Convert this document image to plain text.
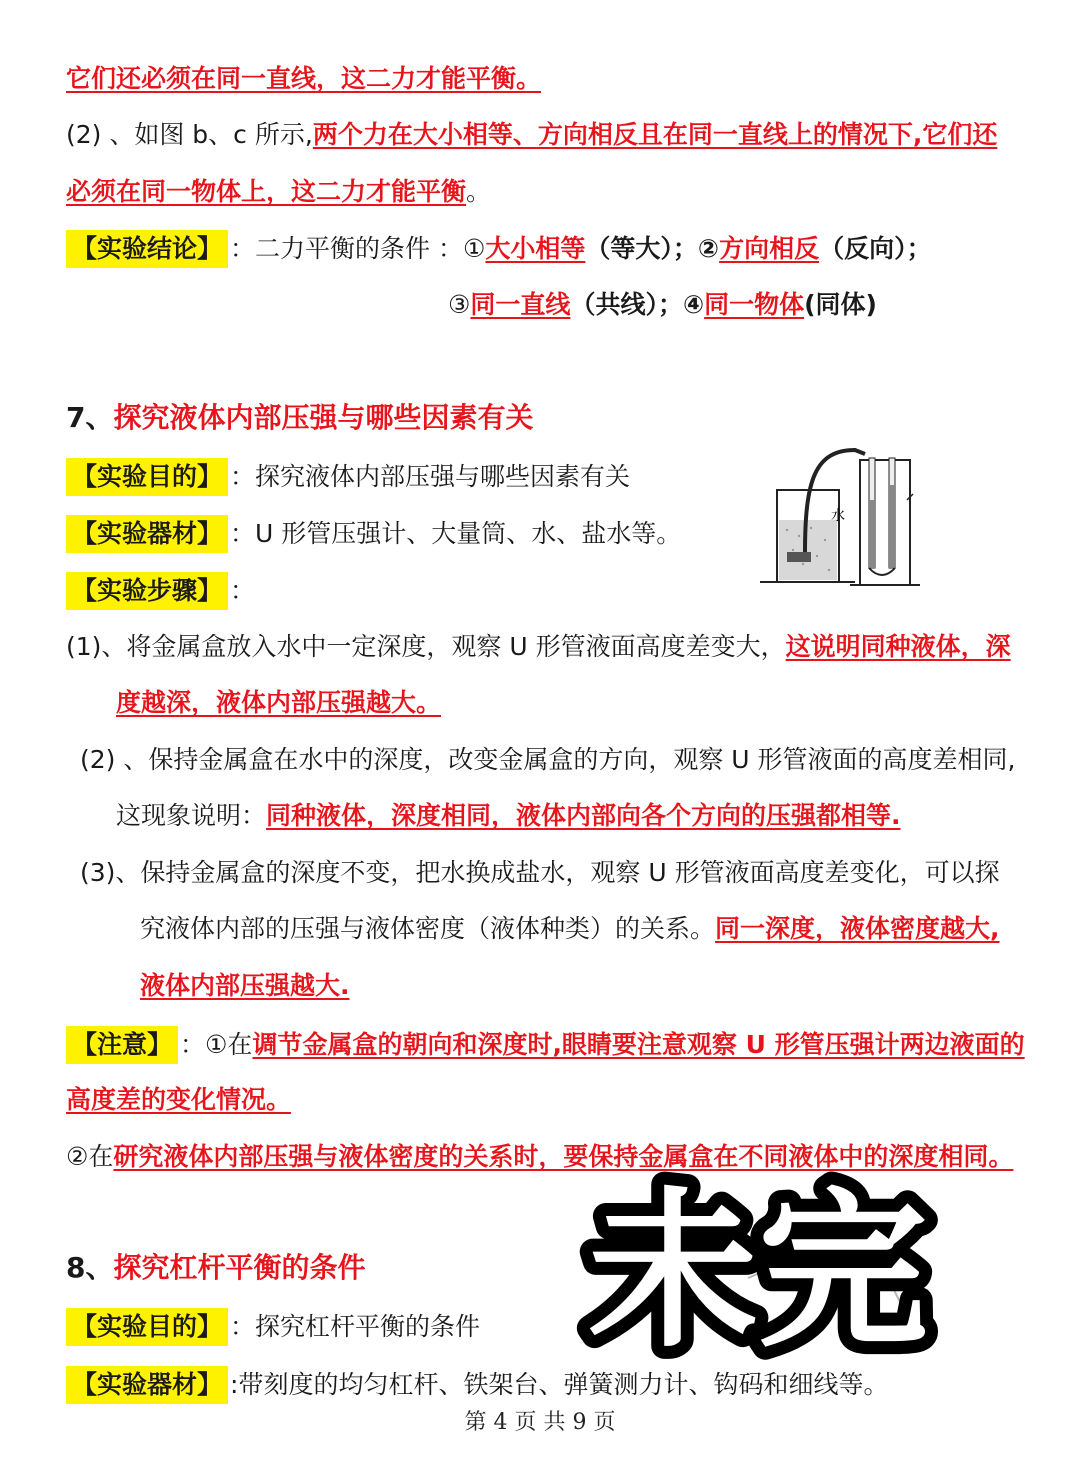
它们还必须在同一直线，这二力才能平衡。
(2) 、如图 b、c 所示,两个力在大小相等、方向相反且在同一直线上的情况下,它们还
必须在同一物体上，这二力才能平衡。
【实验结论】 ：二力平衡的条件 ：①大小相等（等大）；②方向相反（反向）；
③同一直线（共线）；④同一物体(同体)
7、探究液体内部压强与哪些因素有关
【实验目的】 ：探究液体内部压强与哪些因素有关
【实验器材】 ：U 形管压强计、大量筒、水、盐水等。
【实验步骤】 ：
水
(1)、将金属盒放入水中一定深度，观察 U 形管液面高度差变大，这说明同种液体，深
度越深，液体内部压强越大。
(2) 、保持金属盒在水中的深度，改变金属盒的方向，观察 U 形管液面的高度差相同,
这现象说明：同种液体，深度相同，液体内部向各个方向的压强都相等.
(3)、保持金属盒的深度不变，把水换成盐水，观察 U 形管液面高度差变化，可以探
究液体内部的压强与液体密度（液体种类）的关系。同一深度，液体密度越大,
液体内部压强越大.
【注意】 ：①在调节金属盒的朝向和深度时,眼睛要注意观察 U 形管压强计两边液面的
高度差的变化情况。
②在研究液体内部压强与液体密度的关系时，要保持金属盒在不同液体中的深度相同。
8、探究杠杆平衡的条件
【实验目的】 ：探究杠杆平衡的条件
【实验器材】 :带刻度的均匀杠杆、铁架台、弹簧测力计、钩码和细线等。
未完
第 4 页 共 9 页
